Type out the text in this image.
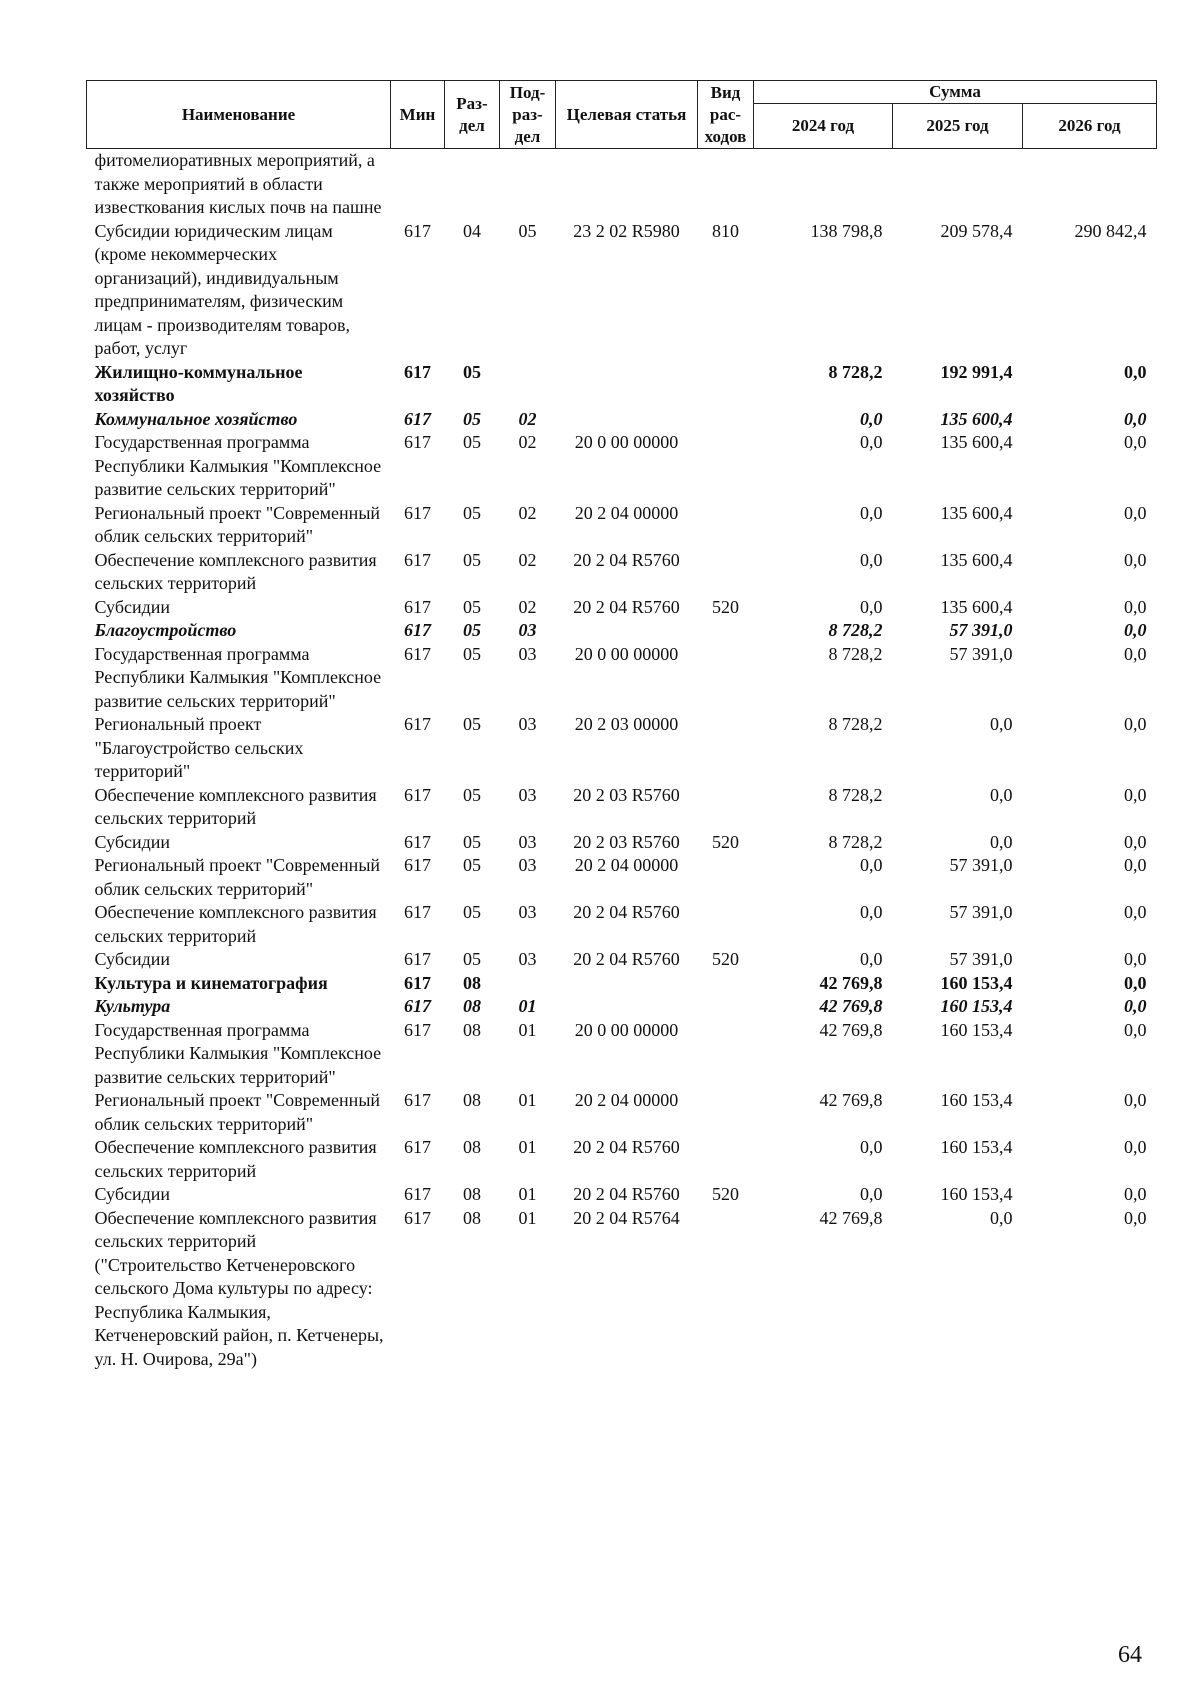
Наименование	Мин	Раз-дел	Под-раз-дел	Целевая статья	Вид рас-ходов	Сумма		
						2024 год	2025 год	2026 год
фитомелиоративных мероприятий, а также мероприятий в области известкования кислых почв на пашне								
Субсидии юридическим лицам (кроме некоммерческих организаций), индивидуальным предпринимателям, физическим лицам - производителям товаров, работ, услуг	617	04	05	23 2 02 R5980	810	138 798,8	209 578,4	290 842,4
Жилищно-коммунальное хозяйство	617	05				8 728,2	192 991,4	0,0
Коммунальное хозяйство	617	05	02			0,0	135 600,4	0,0
Государственная программа Республики Калмыкия "Комплексное развитие сельских территорий"	617	05	02	20 0 00 00000		0,0	135 600,4	0,0
Региональный проект "Современный облик сельских территорий"	617	05	02	20 2 04 00000		0,0	135 600,4	0,0
Обеспечение комплексного развития сельских территорий	617	05	02	20 2 04 R5760		0,0	135 600,4	0,0
Субсидии	617	05	02	20 2 04 R5760	520	0,0	135 600,4	0,0
Благоустройство	617	05	03			8 728,2	57 391,0	0,0
Государственная программа Республики Калмыкия "Комплексное развитие сельских территорий"	617	05	03	20 0 00 00000		8 728,2	57 391,0	0,0
Региональный проект "Благоустройство сельских территорий"	617	05	03	20 2 03 00000		8 728,2	0,0	0,0
Обеспечение комплексного развития сельских территорий	617	05	03	20 2 03 R5760		8 728,2	0,0	0,0
Субсидии	617	05	03	20 2 03 R5760	520	8 728,2	0,0	0,0
Региональный проект "Современный облик сельских территорий"	617	05	03	20 2 04 00000		0,0	57 391,0	0,0
Обеспечение комплексного развития сельских территорий	617	05	03	20 2 04 R5760		0,0	57 391,0	0,0
Субсидии	617	05	03	20 2 04 R5760	520	0,0	57 391,0	0,0
Культура и кинематография	617	08				42 769,8	160 153,4	0,0
Культура	617	08	01			42 769,8	160 153,4	0,0
Государственная программа Республики Калмыкия "Комплексное развитие сельских территорий"	617	08	01	20 0 00 00000		42 769,8	160 153,4	0,0
Региональный проект "Современный облик сельских территорий"	617	08	01	20 2 04 00000		42 769,8	160 153,4	0,0
Обеспечение комплексного развития сельских территорий	617	08	01	20 2 04 R5760		0,0	160 153,4	0,0
Субсидии	617	08	01	20 2 04 R5760	520	0,0	160 153,4	0,0
Обеспечение комплексного развития сельских территорий ("Строительство Кетченеровского сельского Дома культуры по адресу: Республика Калмыкия, Кетченеровский район, п. Кетченеры, ул. Н. Очирова, 29а")	617	08	01	20 2 04 R5764		42 769,8	0,0	0,0
64
